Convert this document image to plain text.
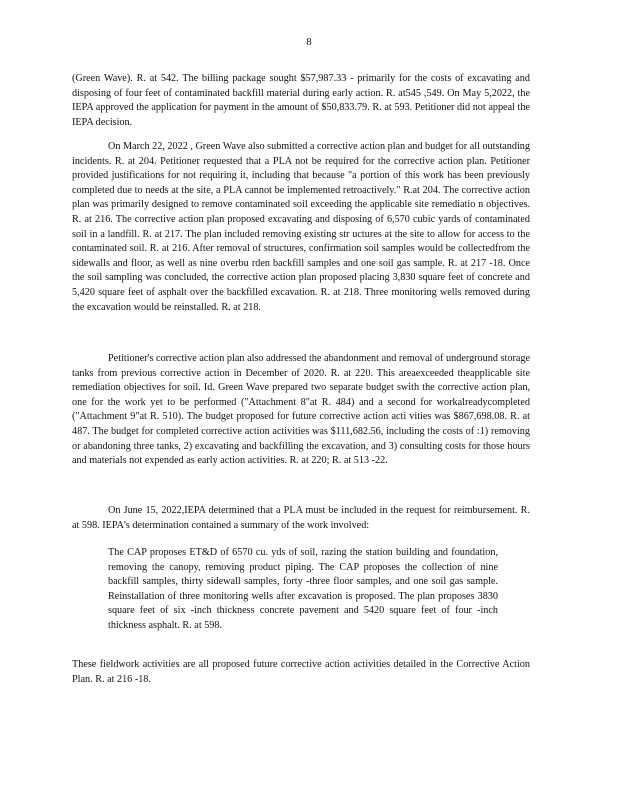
8

(Green Wave). R. at 542. The billing package sought $57,987.33 - primarily for the costs of excavating and disposing of four feet of contaminated backfill material during early action. R. at545 ,549. On May 5,2022, the IEPA approved the application for payment in the amount of $50,833.79. R. at 593. Petitioner did not appeal the IEPA decision.

On March 22, 2022 , Green Wave also submitted a corrective action plan and budget for all outstanding incidents. R. at 204. Petitioner requested that a PLA not be required for the corrective action plan. Petitioner provided justifications for not requiring it, including that because "a portion of this work has been previously completed due to needs at the site, a PLA cannot be implemented retroactively." R.at 204. The corrective action plan was primarily designed to remove contaminated soil exceeding the applicable site remediatio n objectives. R. at 216. The corrective action plan proposed excavating and disposing of 6,570 cubic yards of contaminated soil in a landfill. R. at 217. The plan included removing existing str uctures at the site to allow for access to the contaminated soil. R. at 216. After removal of structures, confirmation soil samples would be collectedfrom the sidewalls and floor, as well as nine overbu rden backfill samples and one soil gas sample. R. at 217 -18. Once the soil sampling was concluded, the corrective action plan proposed placing 3,830 square feet of concrete and 5,420 square feet of asphalt over the backfilled excavation. R. at 218. Three monitoring wells removed during the excavation would be reinstalled. R. at 218.

Petitioner's corrective action plan also addressed the abandonment and removal of underground storage tanks from previous corrective action in December of 2020. R. at 220. This areaexceeded theapplicable site remediation objectives for soil. Id. Green Wave prepared two separate budget swith the corrective action plan, one for the work yet to be performed ("Attachment 8"at R. 484) and a second for workalreadycompleted ("Attachment 9"at R. 510). The budget proposed for future corrective action acti vities was $867,698.08. R. at 487. The budget for completed corrective action activities was $111,682.56, including the costs of :1) removing or abandoning three tanks, 2) excavating and backfilling the excavation, and 3) consulting costs for those hours and materials not expended as early action activities. R. at 220; R. at 513 -22.

On June 15, 2022,IEPA determined that a PLA must be included in the request for reimbursement. R. at 598. IEPA's determination contained a summary of the work involved:

The CAP proposes ET&D of 6570 cu. yds of soil, razing the station building and foundation, removing the canopy, removing product piping. The CAP proposes the collection of nine backfill samples, thirty sidewall samples, forty -three floor samples, and one soil gas sample. Reinstallation of three monitoring wells after excavation is proposed. The plan proposes 3830 square feet of six -inch thickness concrete pavement and 5420 square feet of four -inch thickness asphalt. R. at 598.

These fieldwork activities are all proposed future corrective action activities detailed in the Corrective Action Plan. R. at 216 -18.
